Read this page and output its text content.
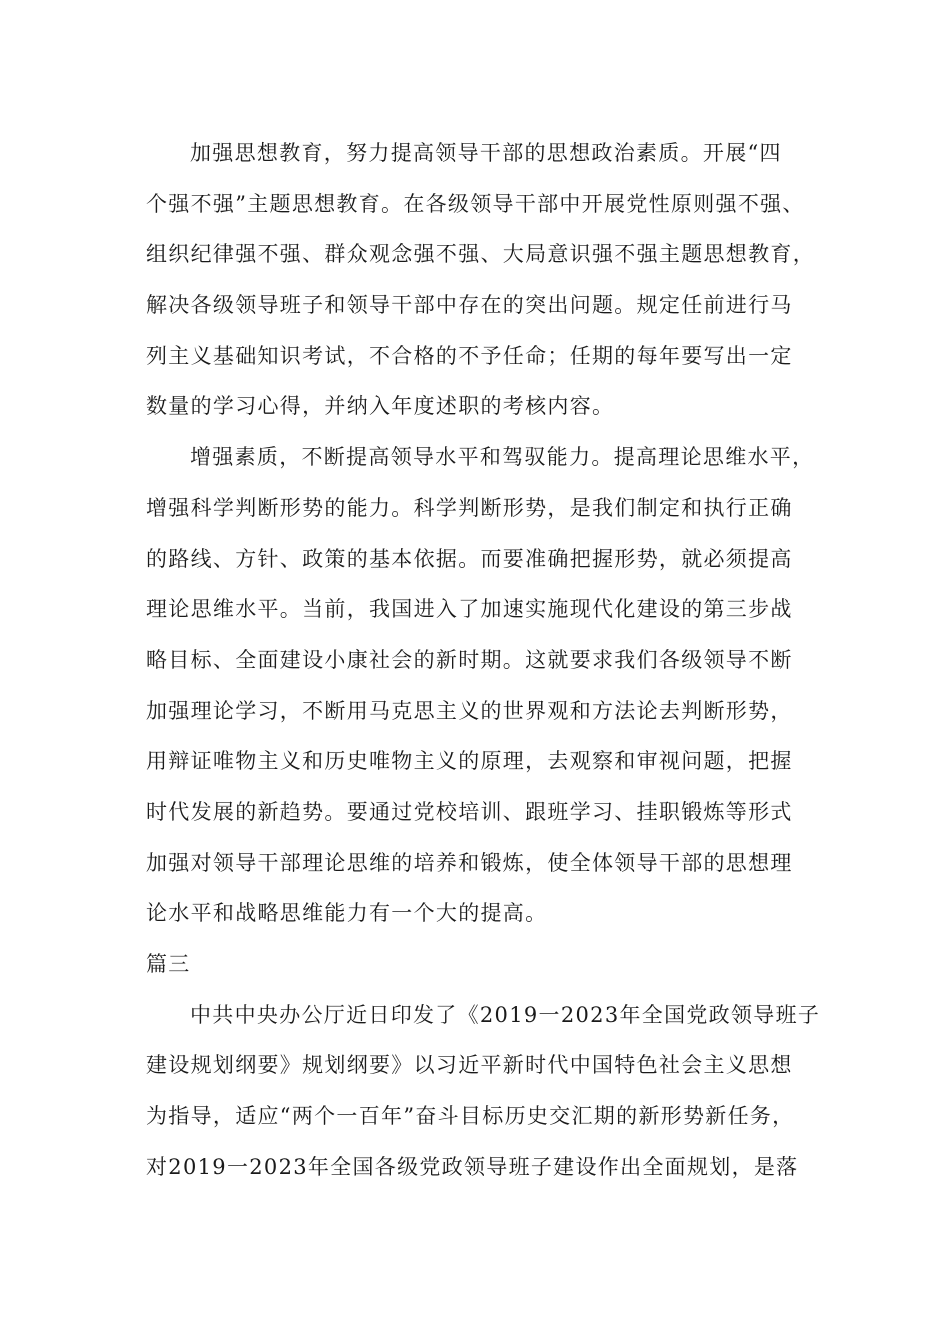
加强思想教育，努力提高领导干部的思想政治素质。开展“四
个强不强”主题思想教育。在各级领导干部中开展党性原则强不强、
组织纪律强不强、群众观念强不强、大局意识强不强主题思想教育，
解决各级领导班子和领导干部中存在的突出问题。规定任前进行马
列主义基础知识考试，不合格的不予任命；任期的每年要写出一定
数量的学习心得，并纳入年度述职的考核内容。
增强素质，不断提高领导水平和驾驭能力。提高理论思维水平，
增强科学判断形势的能力。科学判断形势，是我们制定和执行正确
的路线、方针、政策的基本依据。而要准确把握形势，就必须提高
理论思维水平。当前，我国进入了加速实施现代化建设的第三步战
略目标、全面建设小康社会的新时期。这就要求我们各级领导不断
加强理论学习，不断用马克思主义的世界观和方法论去判断形势，
用辩证唯物主义和历史唯物主义的原理，去观察和审视问题，把握
时代发展的新趋势。要通过党校培训、跟班学习、挂职锻炼等形式
加强对领导干部理论思维的培养和锻炼，使全体领导干部的思想理
论水平和战略思维能力有一个大的提高。
篇三
中共中央办公厅近日印发了《2019一2023年全国党政领导班子
建设规划纲要》规划纲要》以习近平新时代中国特色社会主义思想
为指导，适应“两个一百年”奋斗目标历史交汇期的新形势新任务，
对2019一2023年全国各级党政领导班子建设作出全面规划，是落
